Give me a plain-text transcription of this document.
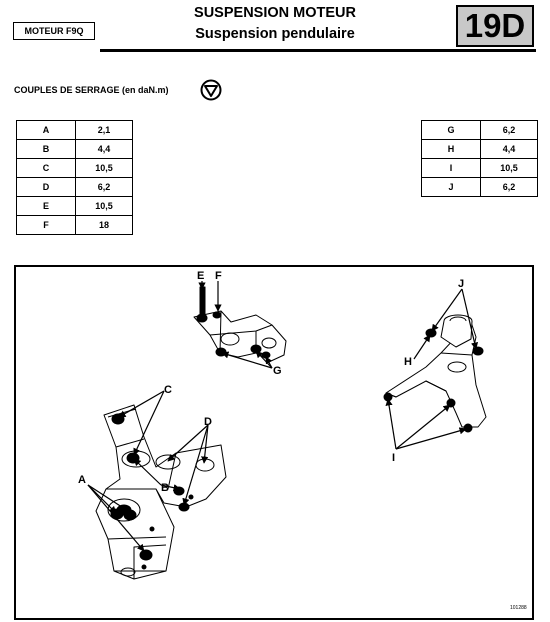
MOTEUR F9Q
SUSPENSION MOTEUR
Suspension pendulaire	19D
COUPLES DE SERRAGE (en daN.m)
A	2,1
B	4,4
C	10,5
D	6,2
E	10,5
F	18
G	6,2
H	4,4
I	10,5
J	6,2
A
B
C
D
E F
G
H
I
J
101288
